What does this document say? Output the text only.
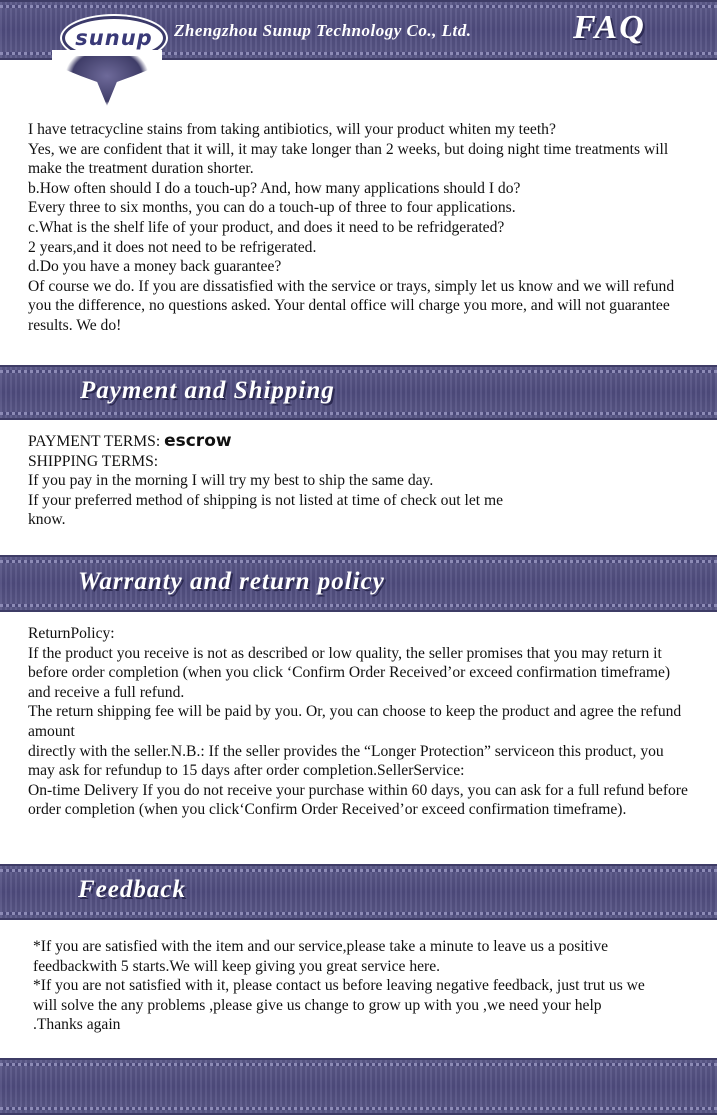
sunup	Zhengzhou Sunup Technology Co., Ltd.	FAQ

I have tetracycline stains from taking antibiotics, will your product whiten my teeth?

Yes, we are confident that it will, it may take longer than 2 weeks, but doing night time treatments will make the treatment duration shorter.

b.How often should I do a touch-up? And, how many applications should I do?

Every three to six months, you can do a touch-up of three to four applications.

c.What is the shelf life of your product, and does it need to be refridgerated?

2 years,and it does not need to be refrigerated.

d.Do you have a money back guarantee?

Of course we do. If you are dissatisfied with the service or trays, simply let us know and we will refund you the difference, no questions asked. Your dental office will charge you more, and will not guarantee results. We do!

Payment and Shipping

PAYMENT TERMS: escrow

SHIPPING TERMS:

If you pay in the morning I will try my best to ship the same day.

If your preferred method of shipping is not listed at time of check out let me know.

Warranty and return policy

ReturnPolicy:

If the product you receive is not as described or low quality, the seller promises that you may return it before order completion (when you click ‘Confirm Order Received’or exceed confirmation timeframe) and receive a full refund.

The return shipping fee will be paid by you. Or, you can choose to keep the product and agree the refund amount

directly with the seller.N.B.: If the seller provides the “Longer Protection” serviceon this product, you may ask for refundup to 15 days after order completion.SellerService:

On-time Delivery If you do not receive your purchase within 60 days, you can ask for a full refund before order completion (when you click‘Confirm Order Received’or exceed confirmation timeframe).

Feedback

*If you are satisfied with the item and our service,please take a minute to leave us a positive feedbackwith 5 starts.We will keep giving you great service here.

*If you are not satisfied with it, please contact us before leaving negative feedback, just trut us we will solve the any problems ,please give us change to grow up with you ,we need your help .Thanks again
